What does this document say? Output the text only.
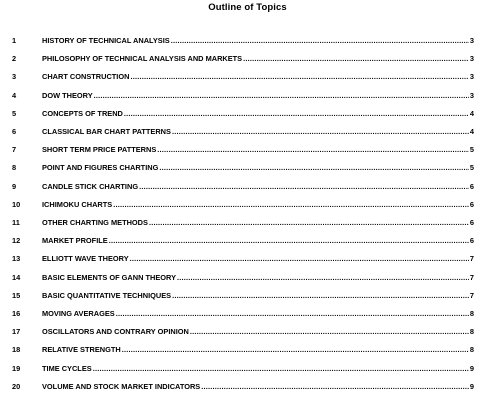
Outline of Topics
1	HISTORY OF TECHNICAL ANALYSIS .....	3
2	PHILOSOPHY OF TECHNICAL ANALYSIS AND MARKETS .....	3
3	CHART CONSTRUCTION .....	3
4	DOW THEORY .....	3
5	CONCEPTS OF TREND .....	4
6	CLASSICAL BAR CHART PATTERNS .....	4
7	SHORT TERM PRICE PATTERNS .....	5
8	POINT AND FIGURES CHARTING .....	5
9	CANDLE STICK CHARTING .....	6
10	ICHIMOKU CHARTS .....	6
11	OTHER CHARTING METHODS .....	6
12	MARKET PROFILE .....	6
13	ELLIOTT WAVE THEORY .....	7
14	BASIC ELEMENTS OF GANN THEORY .....	7
15	BASIC QUANTITATIVE TECHNIQUES .....	7
16	MOVING AVERAGES .....	8
17	OSCILLATORS AND CONTRARY OPINION .....	8
18	RELATIVE STRENGTH .....	8
19	TIME CYCLES .....	9
20	VOLUME AND STOCK MARKET INDICATORS .....	9
